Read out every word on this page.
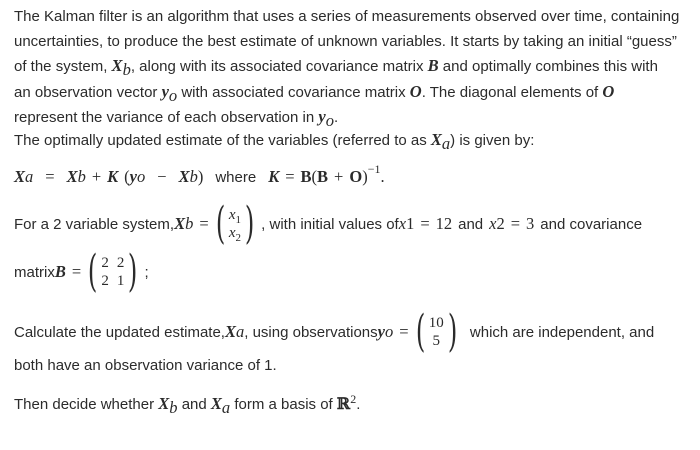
The Kalman filter is an algorithm that uses a series of measurements observed over time, containing
uncertainties, to produce the best estimate of unknown variables. It starts by taking an initial “guess”
of the system, $X_b$, along with its associated covariance matrix B and optimally combines this with
an observation vector $y_o$ with associated covariance matrix O. The diagonal elements of O
represent the variance of each observation in $y_o$.
The optimally updated estimate of the variables (referred to as $X_a$) is given by:
X a = X b + K ( y o − X b ) where K = B ( B + O )$^{-1}$ .
For a 2 variable system, X b = ( $x_1$
$x_2$ ) , with initial values of x 1 = 12 and x 2 = 3 and covariance
matrix B = ( 2 2
2 1 ) ;
Calculate the updated estimate, X a , using observations y o = ( 10
5 ) which are independent, and
both have an observation variance of 1.
Then decide whether $X_b$ and $X_a$ form a basis of ℝ$^2$.
